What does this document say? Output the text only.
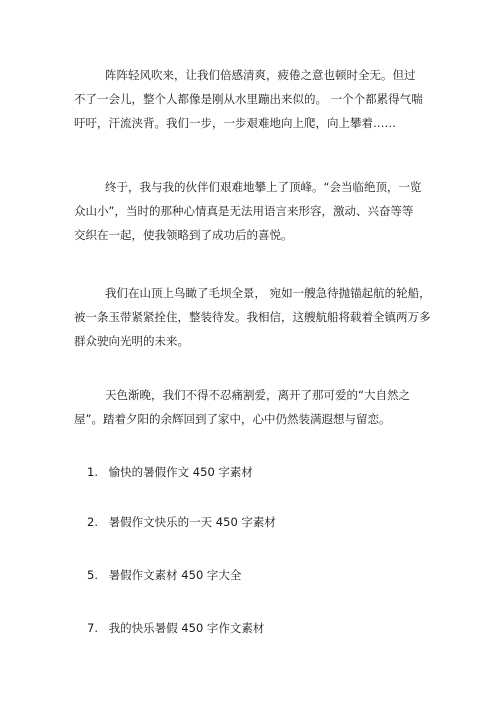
阵阵轻风吹来，让我们倍感清爽，疲倦之意也顿时全无。但过
不了一会儿，整个人都像是刚从水里蹦出来似的。 一个个都累得气喘
吁吁，汗流浃背。我们一步，一步艰难地向上爬，向上攀着……
终于，我与我的伙伴们艰难地攀上了顶峰。“会当临绝顶，一览
众山小”，当时的那种心情真是无法用语言来形容，激动、兴奋等等
交织在一起，使我领略到了成功后的喜悦。
我们在山顶上鸟瞰了毛坝全景， 宛如一艘急待抛锚起航的轮船，
被一条玉带紧紧拴住，整装待发。我相信，这艘航船将载着全镇两万多
群众驶向光明的未来。
天色渐晚，我们不得不忍痛割爱，离开了那可爱的“大自然之
屋”。踏着夕阳的余辉回到了家中，心中仍然装满遐想与留恋。
1. 愉快的暑假作文 450 字素材
2. 暑假作文快乐的一天 450 字素材
5. 暑假作文素材 450 字大全
7. 我的快乐暑假 450 字作文素材
